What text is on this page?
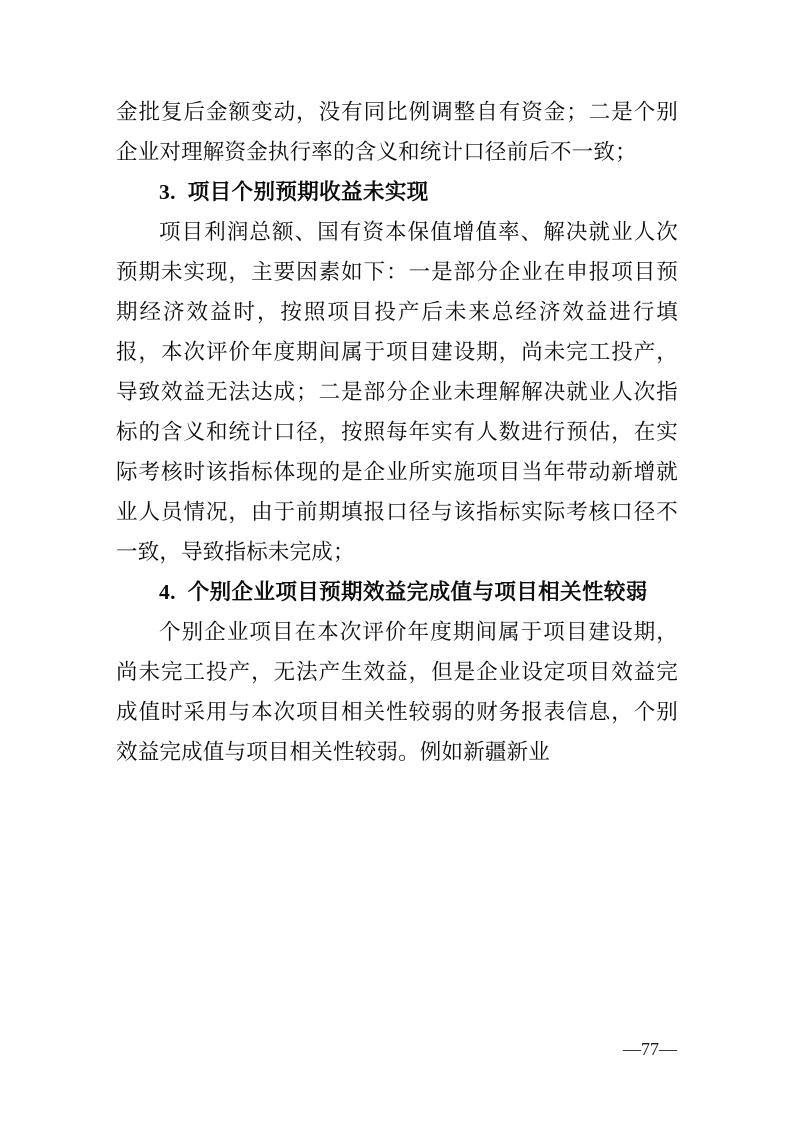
金批复后金额变动，没有同比例调整自有资金；二是个别企业对理解资金执行率的含义和统计口径前后不一致；

3. 项目个别预期收益未实现

项目利润总额、国有资本保值增值率、解决就业人次预期未实现，主要因素如下：一是部分企业在申报项目预期经济效益时，按照项目投产后未来总经济效益进行填报，本次评价年度期间属于项目建设期，尚未完工投产，导致效益无法达成；二是部分企业未理解解决就业人次指标的含义和统计口径，按照每年实有人数进行预估，在实际考核时该指标体现的是企业所实施项目当年带动新增就业人员情况，由于前期填报口径与该指标实际考核口径不一致，导致指标未完成；

4. 个别企业项目预期效益完成值与项目相关性较弱

个别企业项目在本次评价年度期间属于项目建设期，尚未完工投产，无法产生效益，但是企业设定项目效益完成值时采用与本次项目相关性较弱的财务报表信息，个别效益完成值与项目相关性较弱。例如新疆新业

—77—
